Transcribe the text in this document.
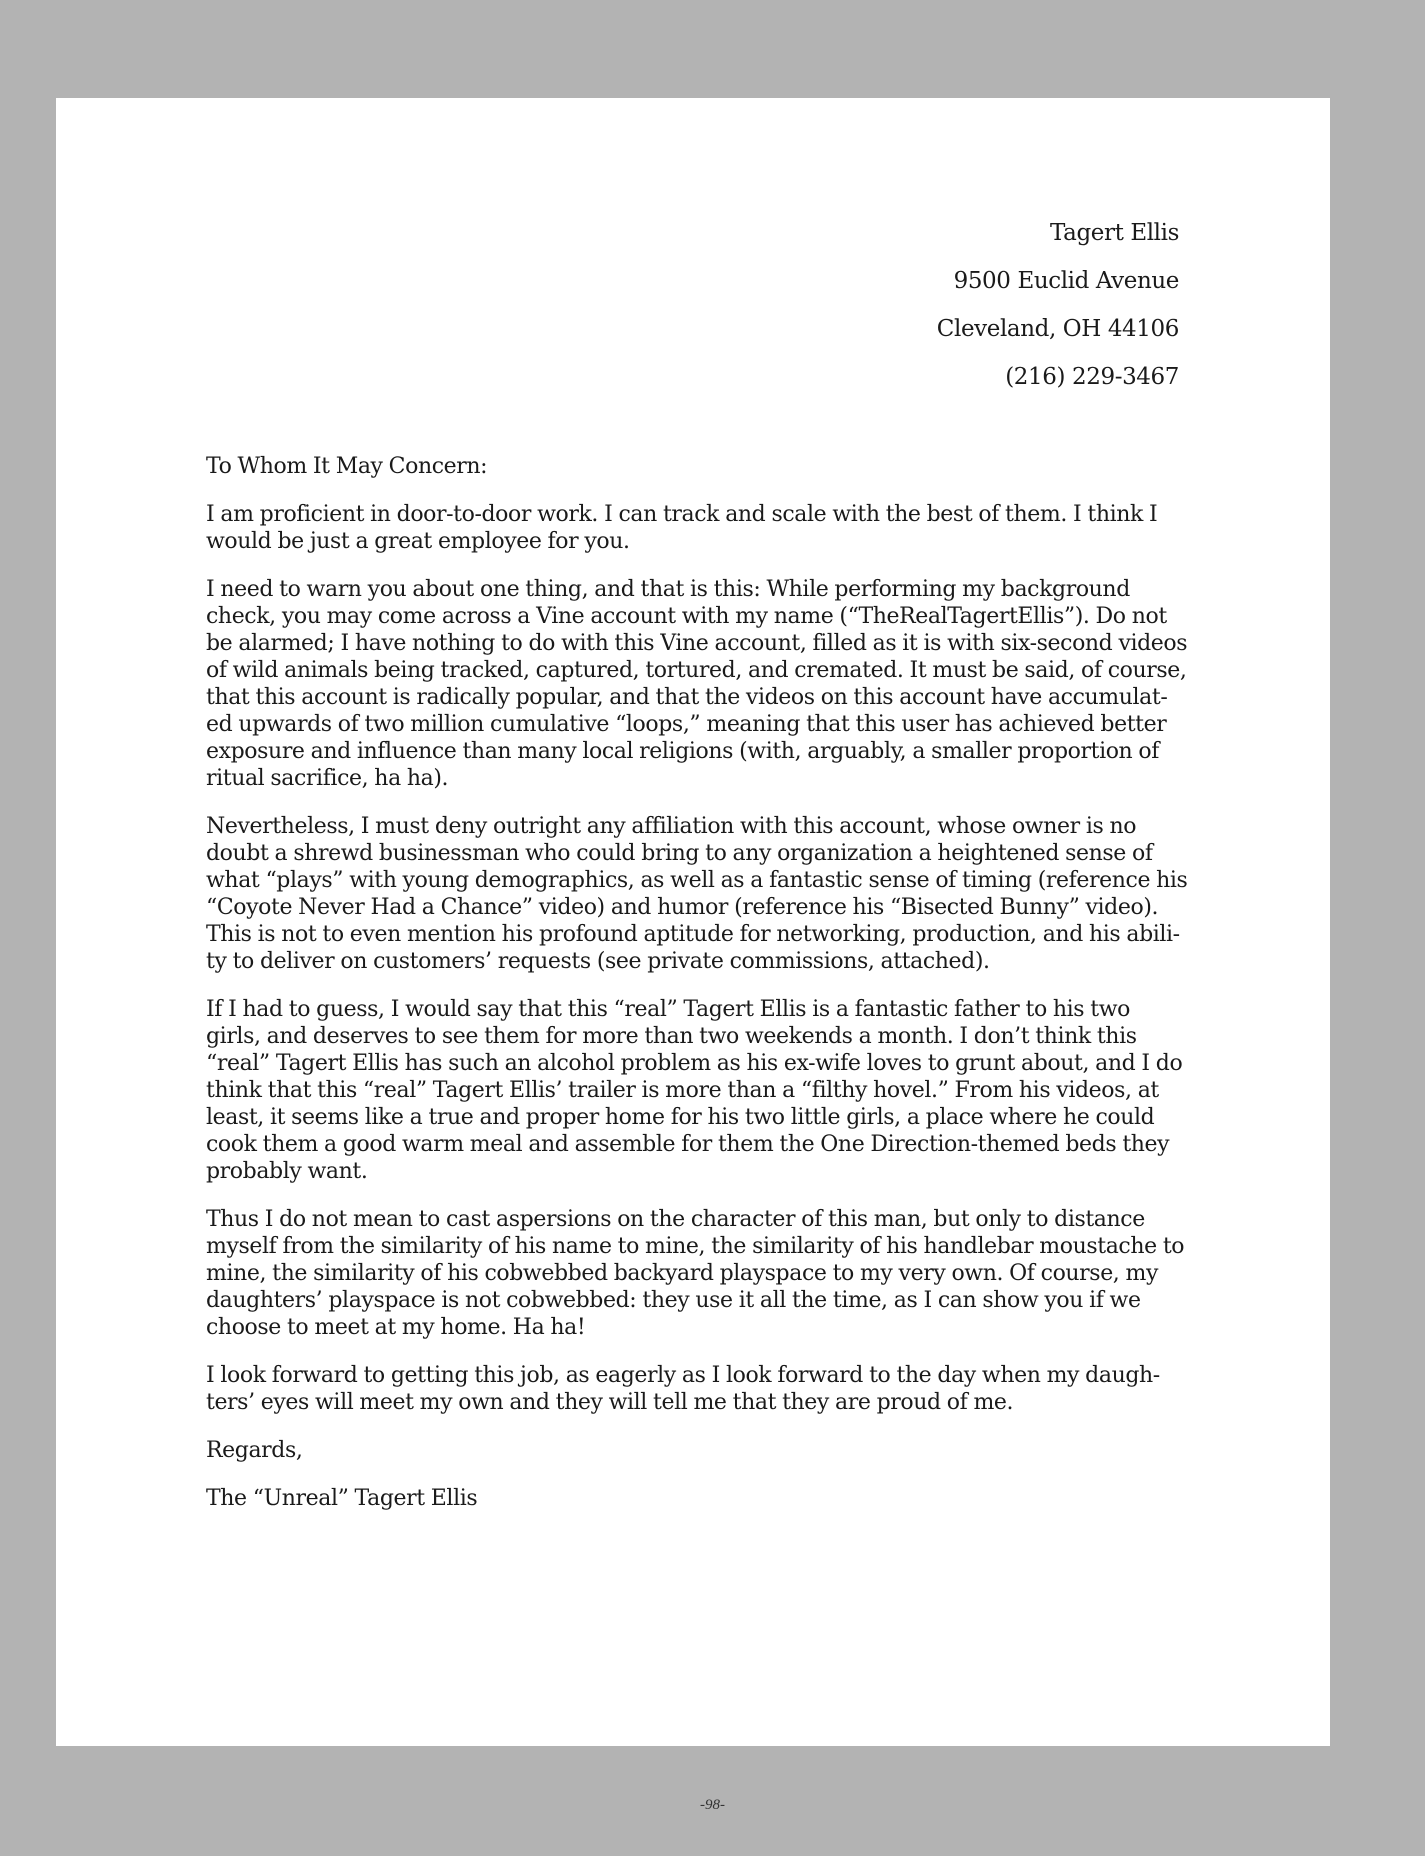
Tagert Ellis
9500 Euclid Avenue
Cleveland, OH 44106
(216) 229-3467

To Whom It May Concern:

I am proficient in door-to-door work. I can track and scale with the best of them. I think I would be just a great employee for you.

I need to warn you about one thing, and that is this: While performing my background check, you may come across a Vine account with my name (“TheRealTagertEllis”). Do not be alarmed; I have nothing to do with this Vine account, filled as it is with six-second videos of wild animals being tracked, captured, tortured, and cremated. It must be said, of course, that this account is radically popular, and that the videos on this account have accumulat-ed upwards of two million cumulative “loops,” meaning that this user has achieved better exposure and influence than many local religions (with, arguably, a smaller proportion of ritual sacrifice, ha ha).

Nevertheless, I must deny outright any affiliation with this account, whose owner is no doubt a shrewd businessman who could bring to any organization a heightened sense of what “plays” with young demographics, as well as a fantastic sense of timing (reference his “Coyote Never Had a Chance” video) and humor (reference his “Bisected Bunny” video). This is not to even mention his profound aptitude for networking, production, and his abili-ty to deliver on customers’ requests (see private commissions, attached).

If I had to guess, I would say that this “real” Tagert Ellis is a fantastic father to his two girls, and deserves to see them for more than two weekends a month. I don’t think this “real” Tagert Ellis has such an alcohol problem as his ex-wife loves to grunt about, and I do think that this “real” Tagert Ellis’ trailer is more than a “filthy hovel.” From his videos, at least, it seems like a true and proper home for his two little girls, a place where he could cook them a good warm meal and assemble for them the One Direction-themed beds they probably want.

Thus I do not mean to cast aspersions on the character of this man, but only to distance myself from the similarity of his name to mine, the similarity of his handlebar moustache to mine, the similarity of his cobwebbed backyard playspace to my very own. Of course, my daughters’ playspace is not cobwebbed: they use it all the time, as I can show you if we choose to meet at my home. Ha ha!

I look forward to getting this job, as eagerly as I look forward to the day when my daugh-ters’ eyes will meet my own and they will tell me that they are proud of me.

Regards,

The “Unreal” Tagert Ellis

-98-
